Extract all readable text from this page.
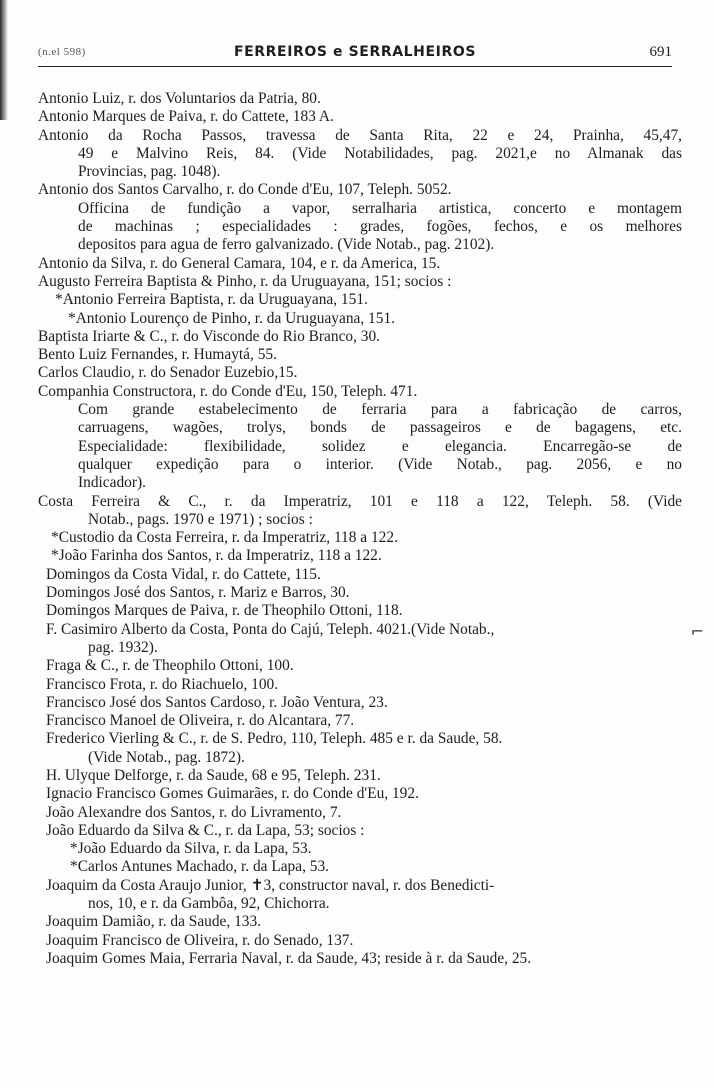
(n.el 598)	FERREIROS e SERRALHEIROS	691
Antonio Luiz, r. dos Voluntarios da Patria, 80.
Antonio Marques de Paiva, r. do Cattete, 183 A.
Antonio da Rocha Passos, travessa de Santa Rita, 22 e 24, Prainha, 45,47,
49 e Malvino Reis, 84. (Vide Notabilidades, pag. 2021,e no Almanak das
Provincias, pag. 1048).
Antonio dos Santos Carvalho, r. do Conde d'Eu, 107, Teleph. 5052.
Officina de fundição a vapor, serralharia artistica, concerto e montagem
de machinas ; especialidades : grades, fogões, fechos, e os melhores
depositos para agua de ferro galvanizado. (Vide Notab., pag. 2102).
Antonio da Silva, r. do General Camara, 104, e r. da America, 15.
Augusto Ferreira Baptista & Pinho, r. da Uruguayana, 151; socios :
*Antonio Ferreira Baptista, r. da Uruguayana, 151.
*Antonio Lourenço de Pinho, r. da Uruguayana, 151.
Baptista Iriarte & C., r. do Visconde do Rio Branco, 30.
Bento Luiz Fernandes, r. Humaytá, 55.
Carlos Claudio, r. do Senador Euzebio,15.
Companhia Constructora, r. do Conde d'Eu, 150, Teleph. 471.
Com grande estabelecimento de ferraria para a fabricação de carros,
carruagens, wagões, trolys, bonds de passageiros e de bagagens, etc.
Especialidade: flexibilidade, solidez e elegancia. Encarregão-se de
qualquer expedição para o interior. (Vide Notab., pag. 2056, e no
Indicador).
Costa Ferreira & C., r. da Imperatriz, 101 e 118 a 122, Teleph. 58. (Vide
Notab., pags. 1970 e 1971) ; socios :
*Custodio da Costa Ferreira, r. da Imperatriz, 118 a 122.
*João Farinha dos Santos, r. da Imperatriz, 118 a 122.
Domingos da Costa Vidal, r. do Cattete, 115.
Domingos José dos Santos, r. Mariz e Barros, 30.
Domingos Marques de Paiva, r. de Theophilo Ottoni, 118.
F. Casimiro Alberto da Costa, Ponta do Cajú, Teleph. 4021.(Vide Notab.,
pag. 1932).
Fraga & C., r. de Theophilo Ottoni, 100.
Francisco Frota, r. do Riachuelo, 100.
Francisco José dos Santos Cardoso, r. João Ventura, 23.
Francisco Manoel de Oliveira, r. do Alcantara, 77.
Frederico Vierling & C., r. de S. Pedro, 110, Teleph. 485 e r. da Saude, 58.
(Vide Notab., pag. 1872).
H. Ulyque Delforge, r. da Saude, 68 e 95, Teleph. 231.
Ignacio Francisco Gomes Guimarães, r. do Conde d'Eu, 192.
João Alexandre dos Santos, r. do Livramento, 7.
João Eduardo da Silva & C., r. da Lapa, 53; socios :
*João Eduardo da Silva, r. da Lapa, 53.
*Carlos Antunes Machado, r. da Lapa, 53.
Joaquim da Costa Araujo Junior, ✝3, constructor naval, r. dos Benedicti-
nos, 10, e r. da Gambôa, 92, Chichorra.
Joaquim Damião, r. da Saude, 133.
Joaquim Francisco de Oliveira, r. do Senado, 137.
Joaquim Gomes Maia, Ferraria Naval, r. da Saude, 43; reside à r. da Saude, 25.
⌐
